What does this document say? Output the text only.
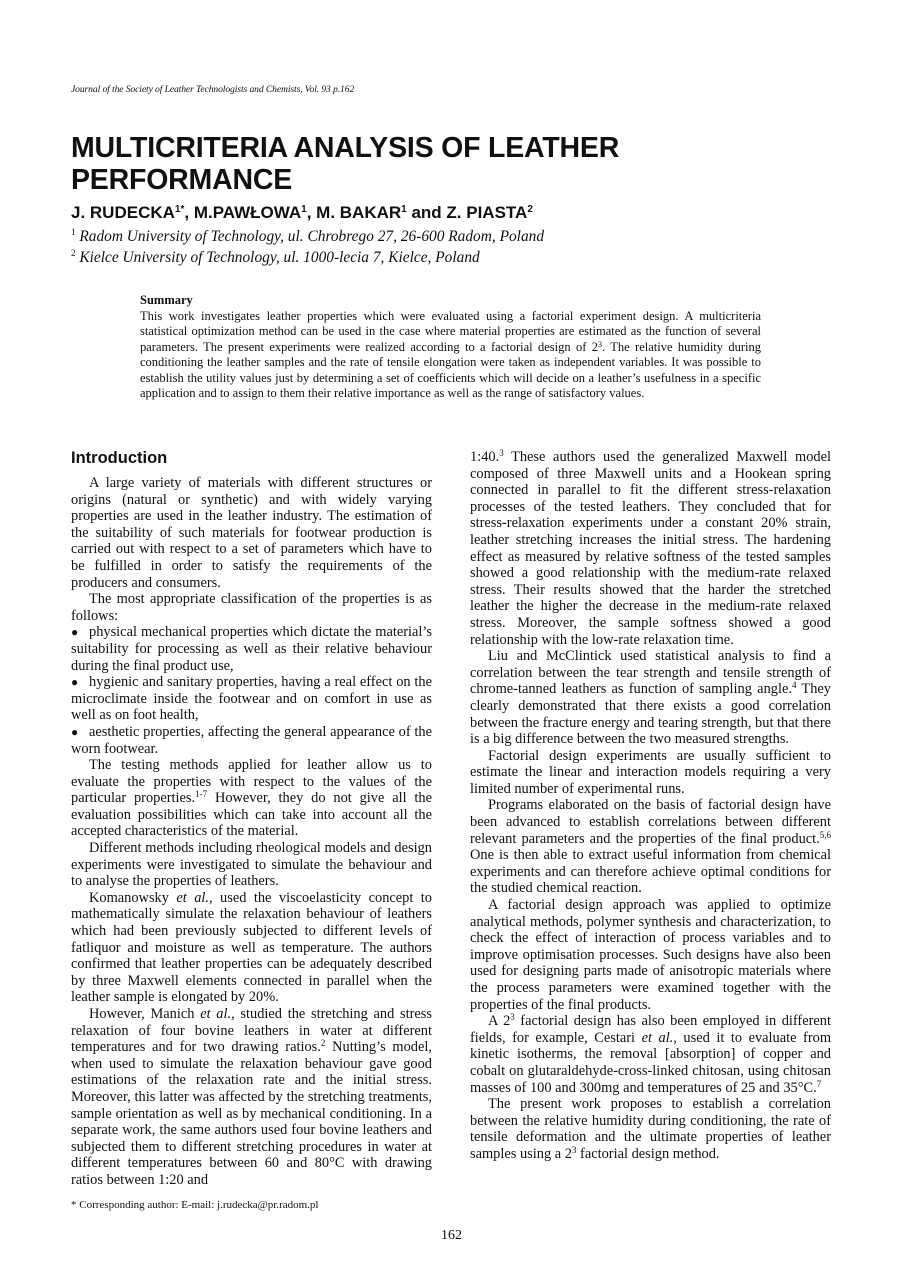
Journal of the Society of Leather Technologists and Chemists, Vol. 93 p.162
MULTICRITERIA ANALYSIS OF LEATHER
PERFORMANCE
J. $RUDECKA^{1*}$, M.PAWŁOWA$^1$, M. BAKAR$^1$ and Z. PIASTA$^2$
$^1$ Radom University of Technology, ul. Chrobrego 27, 26-600 Radom, Poland
$^2$ Kielce University of Technology, ul. 1000-lecia 7, Kielce, Poland
Summary
This work investigates leather properties which were evaluated using a factorial experiment design. A multicriteria statistical optimization method can be used in the case where material properties are estimated as the function of several parameters. The present experiments were realized according to a factorial design of $2^3$. The relative humidity during conditioning the leather samples and the rate of tensile elongation were taken as independent variables. It was possible to establish the utility values just by determining a set of coefficients which will decide on a leather’s usefulness in a specific application and to assign to them their relative importance as well as the range of satisfactory values.
Introduction

A large variety of materials with different structures or origins (natural or synthetic) and with widely varying properties are used in the leather industry. The estimation of the suitability of such materials for footwear production is carried out with respect to a set of parameters which have to be fulfilled in order to satisfy the requirements of the producers and consumers.

The most appropriate classification of the properties is as follows:

● physical mechanical properties which dictate the material’s suitability for processing as well as their relative behaviour during the final product use,

● hygienic and sanitary properties, having a real effect on the microclimate inside the footwear and on comfort in use as well as on foot health,

● aesthetic properties, affecting the general appearance of the worn footwear.

The testing methods applied for leather allow us to evaluate the properties with respect to the values of the particular properties.$^{1-7}$ However, they do not give all the evaluation possibilities which can take into account all the accepted characteristics of the material.

Different methods including rheological models and design experiments were investigated to simulate the behaviour and to analyse the properties of leathers.

Komanowsky et al., used the viscoelasticity concept to mathematically simulate the relaxation behaviour of leathers which had been previously subjected to different levels of fatliquor and moisture as well as temperature. The authors confirmed that leather properties can be adequately described by three Maxwell elements connected in parallel when the leather sample is elongated by 20%.

However, Manich et al., studied the stretching and stress relaxation of four bovine leathers in water at different temperatures and for two drawing ratios.$^2$ Nutting’s model, when used to simulate the relaxation behaviour gave good estimations of the relaxation rate and the initial stress. Moreover, this latter was affected by the stretching treatments, sample orientation as well as by mechanical conditioning. In a separate work, the same authors used four bovine leathers and subjected them to different stretching procedures in water at different temperatures between 60 and 80°C with drawing ratios between 1:20 and

1:40.$^3$ These authors used the generalized Maxwell model composed of three Maxwell units and a Hookean spring connected in parallel to fit the different stress-relaxation processes of the tested leathers. They concluded that for stress-relaxation experiments under a constant 20% strain, leather stretching increases the initial stress. The hardening effect as measured by relative softness of the tested samples showed a good relationship with the medium-rate relaxed stress. Their results showed that the harder the stretched leather the higher the decrease in the medium-rate relaxed stress. Moreover, the sample softness showed a good relationship with the low-rate relaxation time.

Liu and McClintick used statistical analysis to find a correlation between the tear strength and tensile strength of chrome-tanned leathers as function of sampling angle.$^4$ They clearly demonstrated that there exists a good correlation between the fracture energy and tearing strength, but that there is a big difference between the two measured strengths.

Factorial design experiments are usually sufficient to estimate the linear and interaction models requiring a very limited number of experimental runs.

Programs elaborated on the basis of factorial design have been advanced to establish correlations between different relevant parameters and the properties of the final product.$^{5,6}$ One is then able to extract useful information from chemical experiments and can therefore achieve optimal conditions for the studied chemical reaction.

A factorial design approach was applied to optimize analytical methods, polymer synthesis and characterization, to check the effect of interaction of process variables and to improve optimisation processes. Such designs have also been used for designing parts made of anisotropic materials where the process parameters were examined together with the properties of the final products.

A $2^3$ factorial design has also been employed in different fields, for example, Cestari et al., used it to evaluate from kinetic isotherms, the removal [absorption] of copper and cobalt on glutaraldehyde-cross-linked chitosan, using chitosan masses of 100 and 300mg and temperatures of 25 and 35°C.$^7$

The present work proposes to establish a correlation between the relative humidity during conditioning, the rate of tensile deformation and the ultimate properties of leather samples using a $2^3$ factorial design method.

* Corresponding author: E-mail: j.rudecka@pr.radom.pl
162
